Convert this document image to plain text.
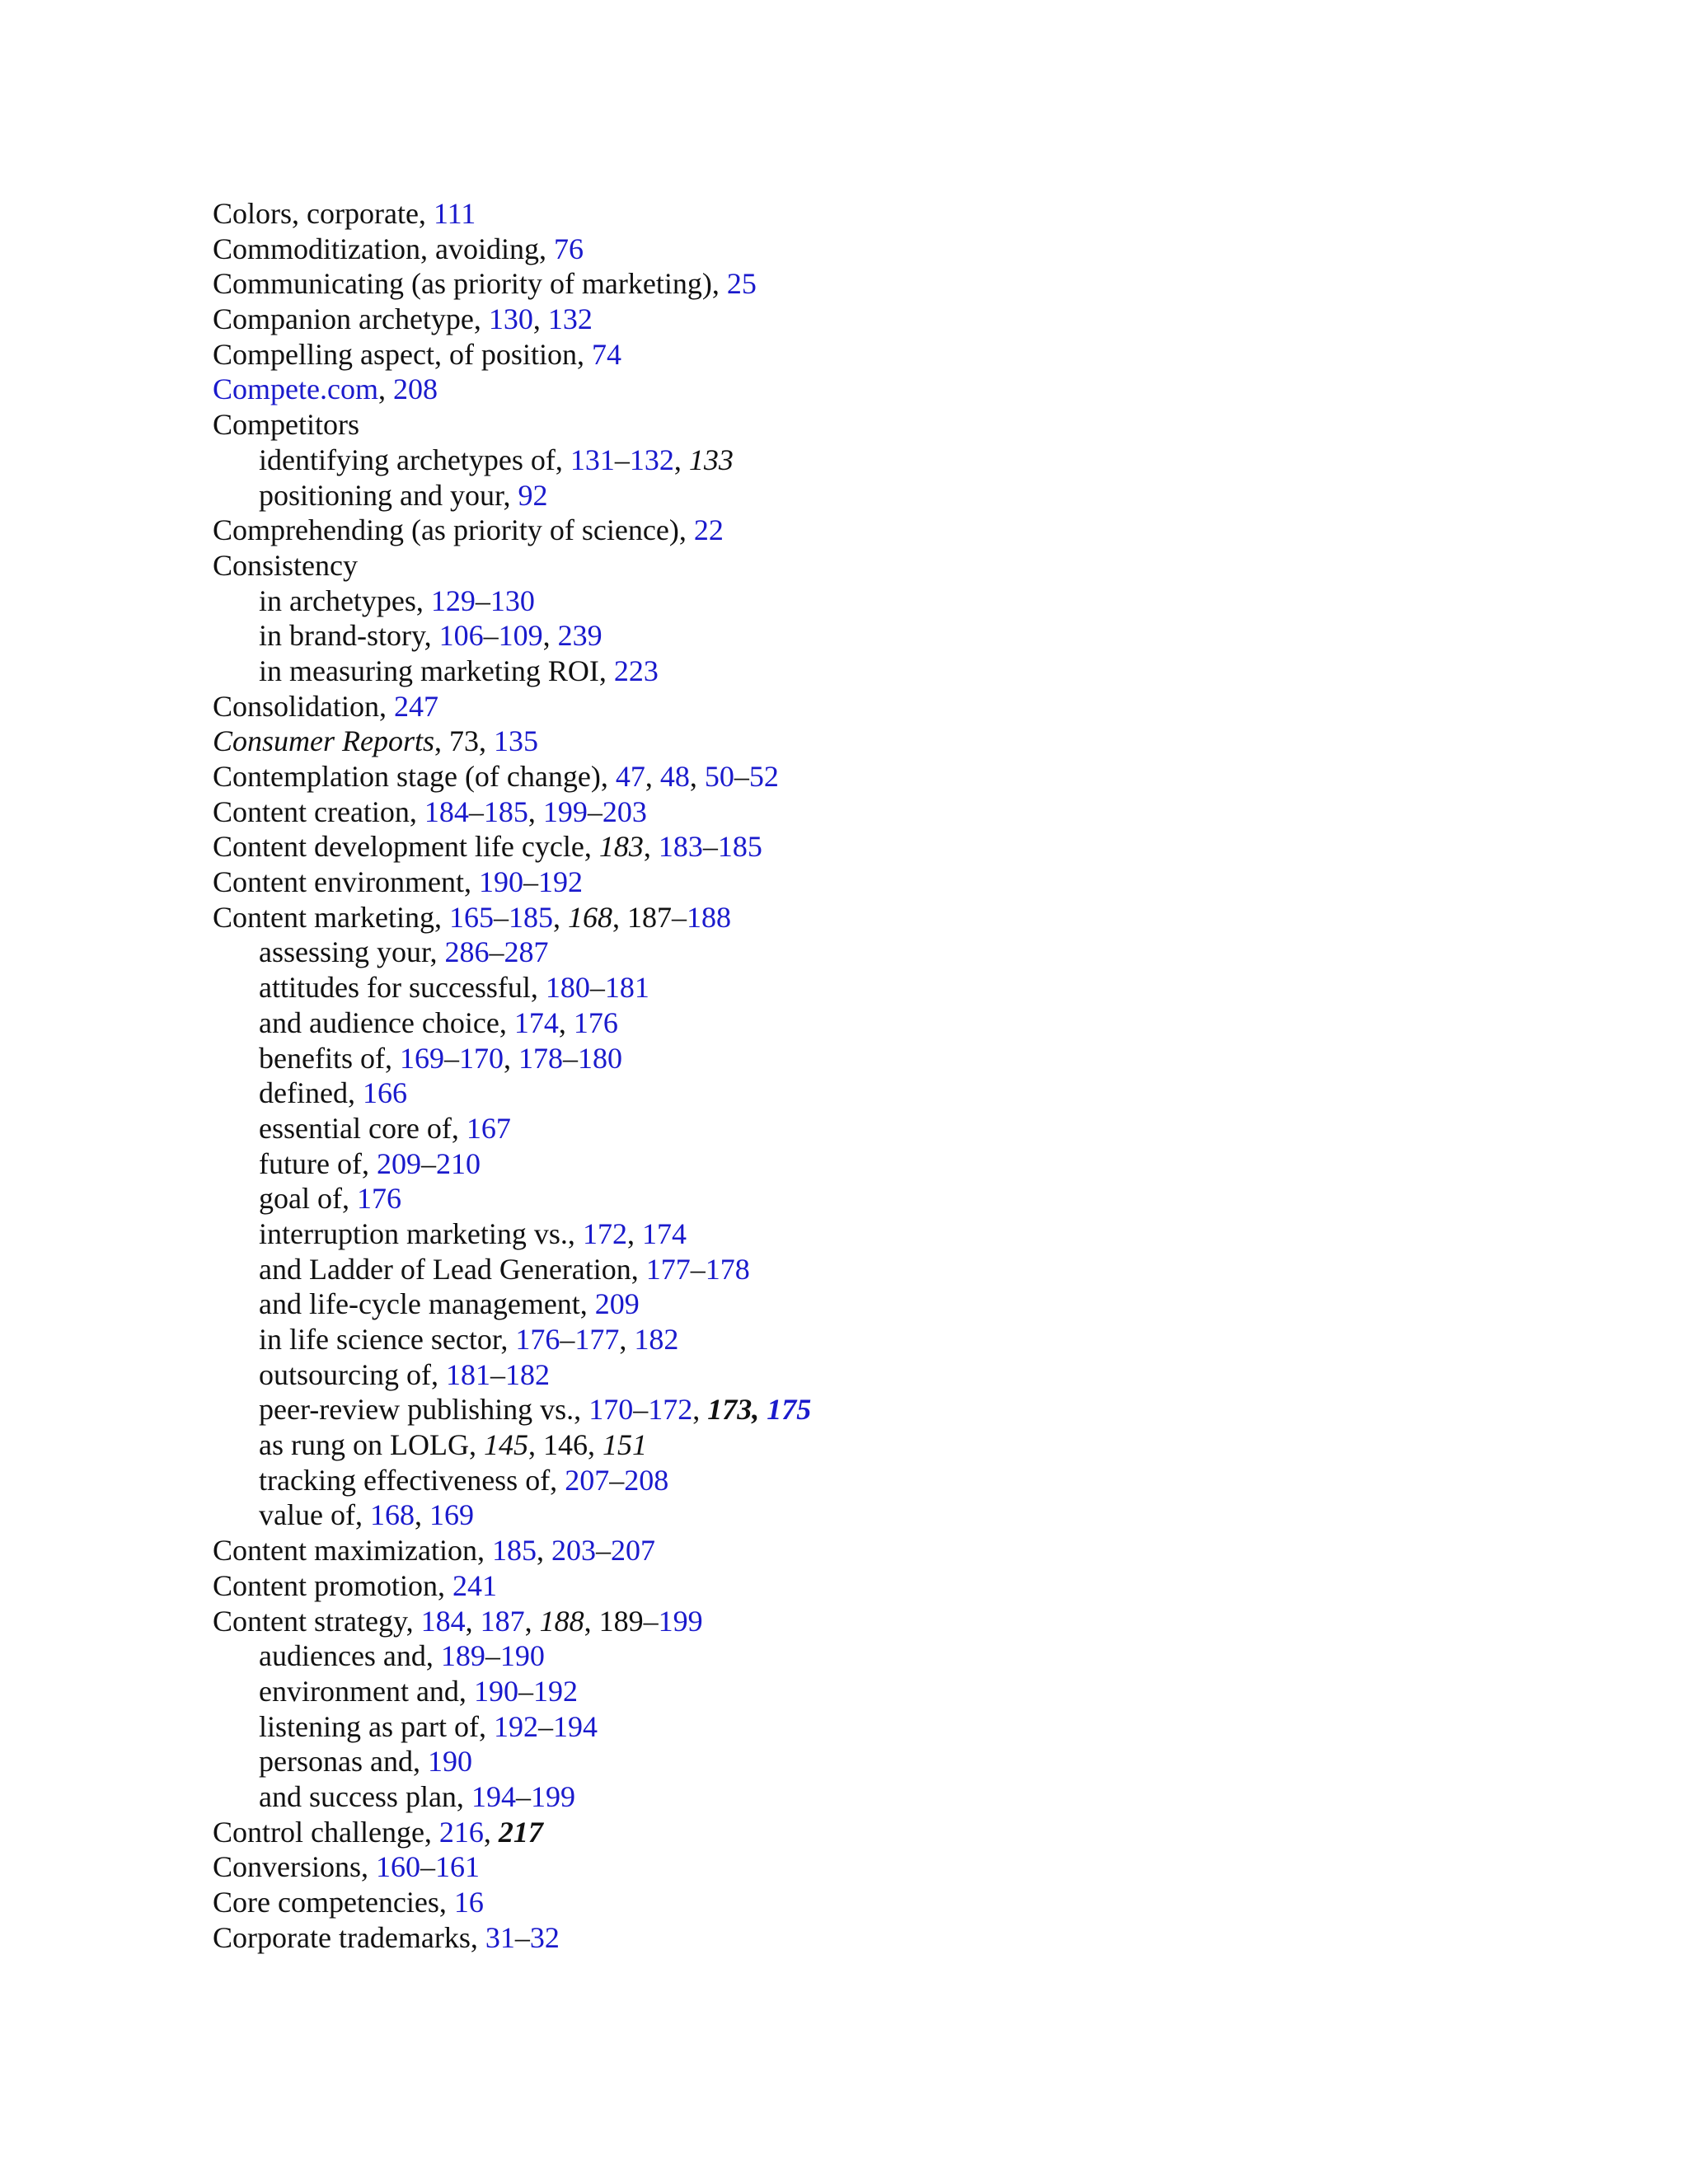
Colors, corporate, 111
Commoditization, avoiding, 76
Communicating (as priority of marketing), 25
Companion archetype, 130, 132
Compelling aspect, of position, 74
Compete.com, 208
Competitors
identifying archetypes of, 131–132, 133
positioning and your, 92
Comprehending (as priority of science), 22
Consistency
in archetypes, 129–130
in brand-story, 106–109, 239
in measuring marketing ROI, 223
Consolidation, 247
Consumer Reports, 73, 135
Contemplation stage (of change), 47, 48, 50–52
Content creation, 184–185, 199–203
Content development life cycle, 183, 183–185
Content environment, 190–192
Content marketing, 165–185, 168, 187–188
assessing your, 286–287
attitudes for successful, 180–181
and audience choice, 174, 176
benefits of, 169–170, 178–180
defined, 166
essential core of, 167
future of, 209–210
goal of, 176
interruption marketing vs., 172, 174
and Ladder of Lead Generation, 177–178
and life-cycle management, 209
in life science sector, 176–177, 182
outsourcing of, 181–182
peer-review publishing vs., 170–172, 173, 175
as rung on LOLG, 145, 146, 151
tracking effectiveness of, 207–208
value of, 168, 169
Content maximization, 185, 203–207
Content promotion, 241
Content strategy, 184, 187, 188, 189–199
audiences and, 189–190
environment and, 190–192
listening as part of, 192–194
personas and, 190
and success plan, 194–199
Control challenge, 216, 217
Conversions, 160–161
Core competencies, 16
Corporate trademarks, 31–32
